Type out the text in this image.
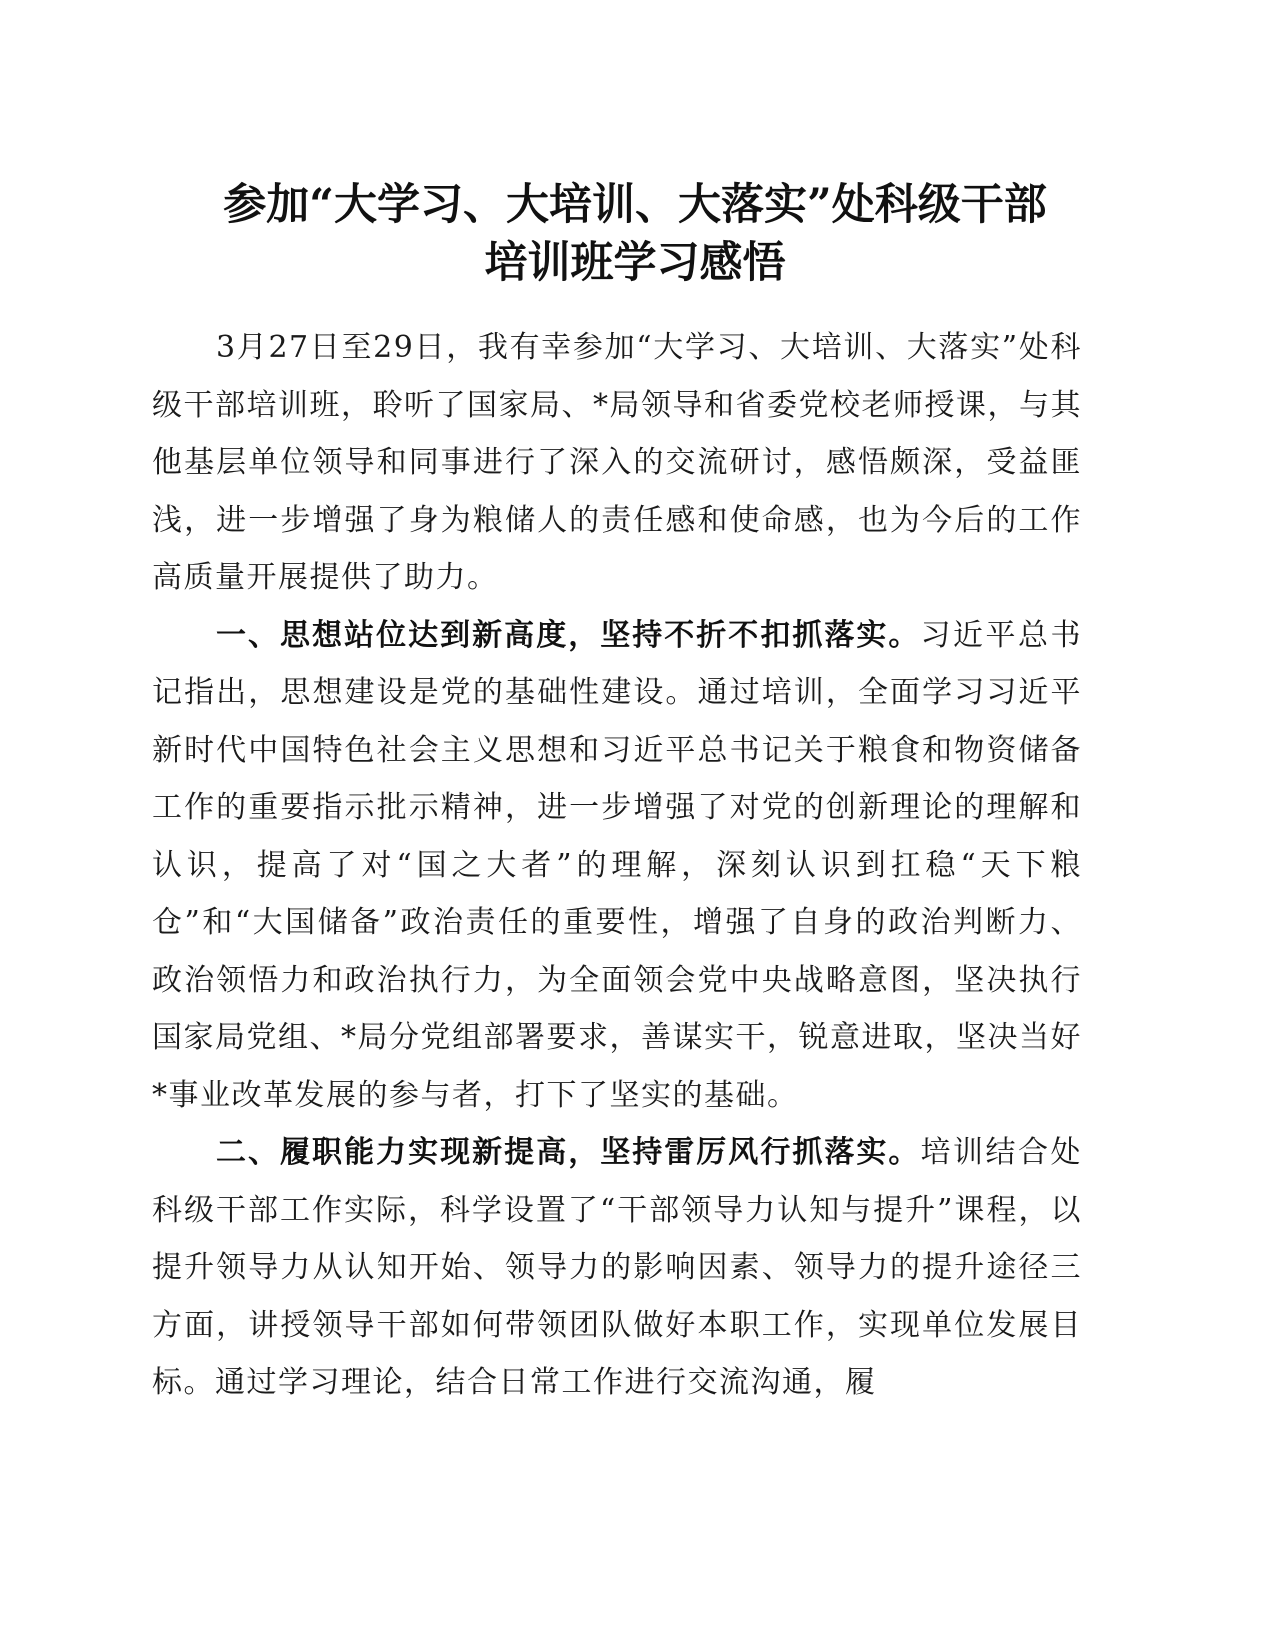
参加“大学习、大培训、大落实”处科级干部
培训班学习感悟

3月27日至29日，我有幸参加“大学习、大培训、大落实”处科级干部培训班，聆听了国家局、*局领导和省委党校老师授课，与其他基层单位领导和同事进行了深入的交流研讨，感悟颇深，受益匪浅，进一步增强了身为粮储人的责任感和使命感，也为今后的工作高质量开展提供了助力。

一、思想站位达到新高度，坚持不折不扣抓落实。习近平总书记指出，思想建设是党的基础性建设。通过培训，全面学习习近平新时代中国特色社会主义思想和习近平总书记关于粮食和物资储备工作的重要指示批示精神，进一步增强了对党的创新理论的理解和认识，提高了对“国之大者”的理解，深刻认识到扛稳“天下粮仓”和“大国储备”政治责任的重要性，增强了自身的政治判断力、政治领悟力和政治执行力，为全面领会党中央战略意图，坚决执行国家局党组、*局分党组部署要求，善谋实干，锐意进取，坚决当好*事业改革发展的参与者，打下了坚实的基础。

二、履职能力实现新提高，坚持雷厉风行抓落实。培训结合处科级干部工作实际，科学设置了“干部领导力认知与提升”课程，以提升领导力从认知开始、领导力的影响因素、领导力的提升途径三方面，讲授领导干部如何带领团队做好本职工作，实现单位发展目标。通过学习理论，结合日常工作进行交流沟通，履
